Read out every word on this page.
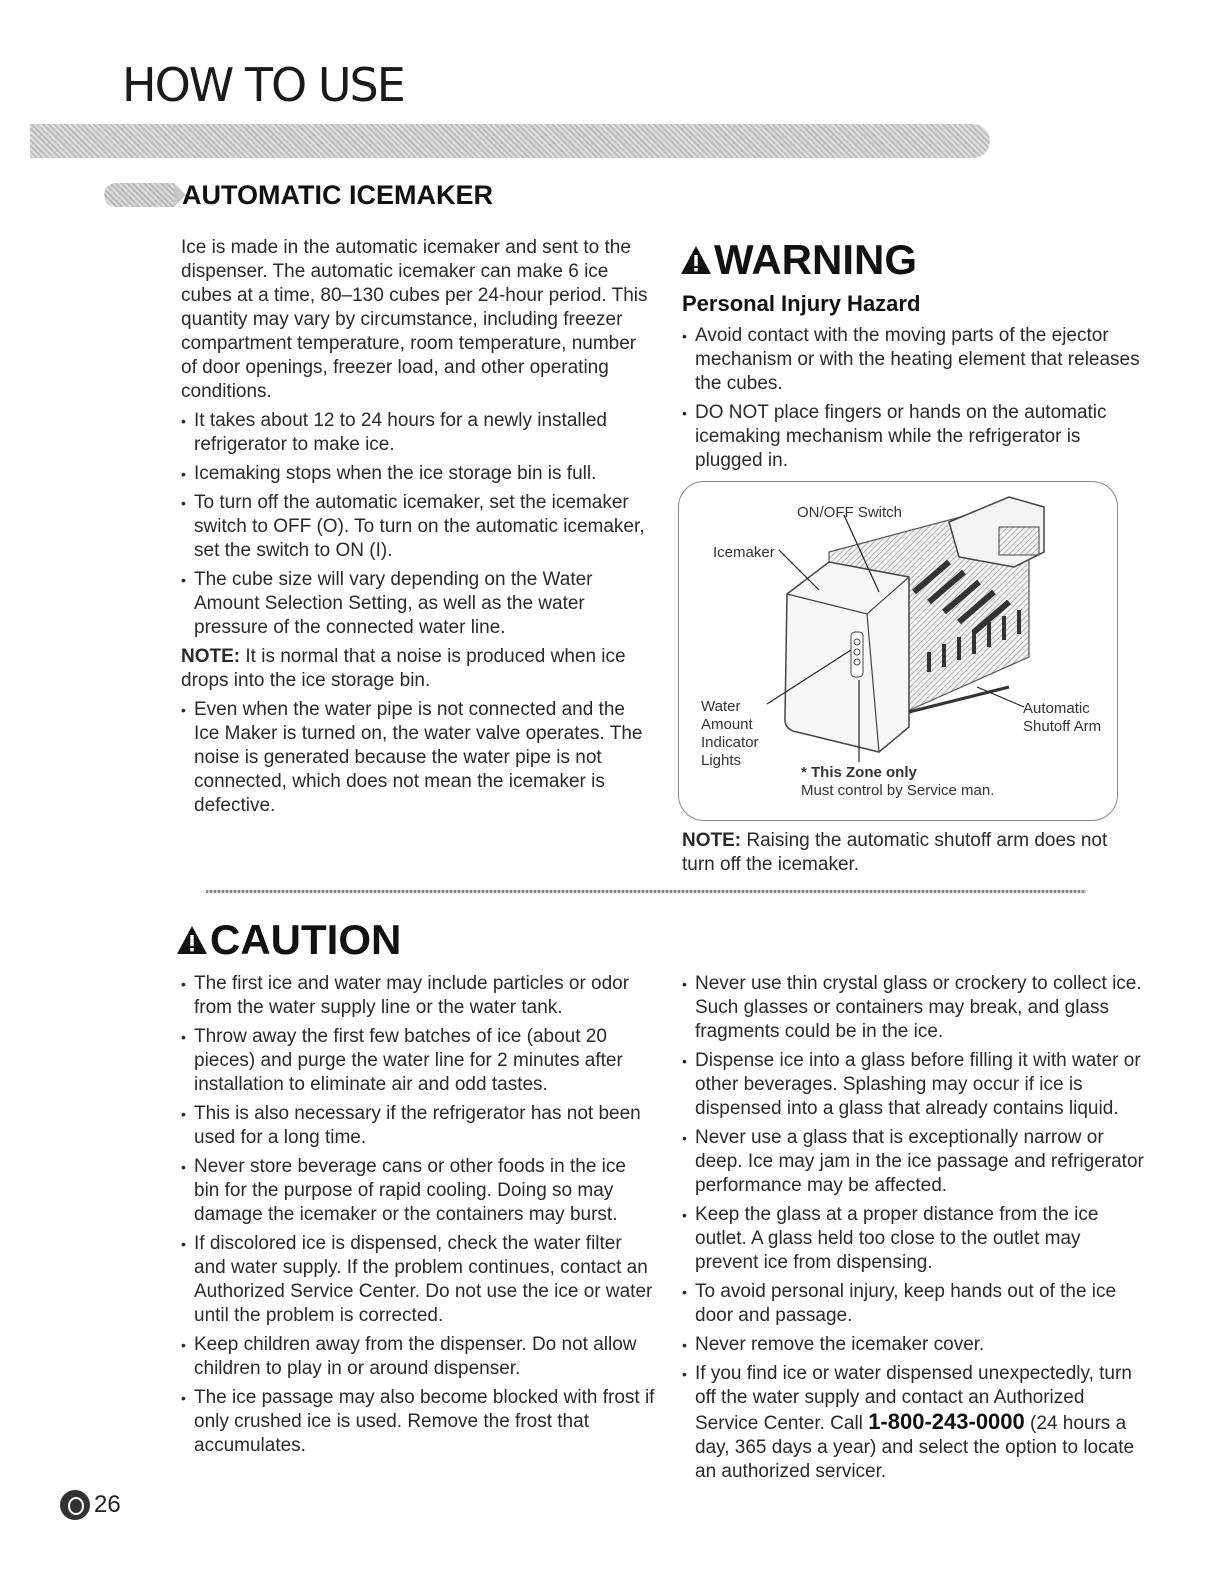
HOW TO USE
AUTOMATIC ICEMAKER

Ice is made in the automatic icemaker and sent to the dispenser. The automatic icemaker can make 6 ice cubes at a time, 80–130 cubes per 24-hour period. This quantity may vary by circumstance, including freezer compartment temperature, room temperature, number of door openings, freezer load, and other operating conditions.

• It takes about 12 to 24 hours for a newly installed refrigerator to make ice.
• Icemaking stops when the ice storage bin is full.
• To turn off the automatic icemaker, set the icemaker switch to OFF (O). To turn on the automatic icemaker, set the switch to ON (I).
• The cube size will vary depending on the Water Amount Selection Setting, as well as the water pressure of the connected water line.

NOTE: It is normal that a noise is produced when ice drops into the ice storage bin.

• Even when the water pipe is not connected and the Ice Maker is turned on, the water valve operates. The noise is generated because the water pipe is not connected, which does not mean the icemaker is defective.
WARNING
Personal Injury Hazard
• Avoid contact with the moving parts of the ejector mechanism or with the heating element that releases the cubes.
• DO NOT place fingers or hands on the automatic icemaking mechanism while the refrigerator is plugged in.
ON/OFF Switch
Icemaker
Water
Amount
Indicator
Lights
Automatic
Shutoff Arm
* This Zone only
Must control by Service man.
NOTE: Raising the automatic shutoff arm does not turn off the icemaker.
CAUTION
• The first ice and water may include particles or odor from the water supply line or the water tank.
• Throw away the first few batches of ice (about 20 pieces) and purge the water line for 2 minutes after installation to eliminate air and odd tastes.
• This is also necessary if the refrigerator has not been used for a long time.
• Never store beverage cans or other foods in the ice bin for the purpose of rapid cooling. Doing so may damage the icemaker or the containers may burst.
• If discolored ice is dispensed, check the water filter and water supply. If the problem continues, contact an Authorized Service Center. Do not use the ice or water until the problem is corrected.
• Keep children away from the dispenser. Do not allow children to play in or around dispenser.
• The ice passage may also become blocked with frost if only crushed ice is used. Remove the frost that accumulates.
• Never use thin crystal glass or crockery to collect ice. Such glasses or containers may break, and glass fragments could be in the ice.
• Dispense ice into a glass before filling it with water or other beverages. Splashing may occur if ice is dispensed into a glass that already contains liquid.
• Never use a glass that is exceptionally narrow or deep. Ice may jam in the ice passage and refrigerator performance may be affected.
• Keep the glass at a proper distance from the ice outlet. A glass held too close to the outlet may prevent ice from dispensing.
• To avoid personal injury, keep hands out of the ice door and passage.
• Never remove the icemaker cover.
• If you find ice or water dispensed unexpectedly, turn off the water supply and contact an Authorized Service Center. Call 1-800-243-0000 (24 hours a day, 365 days a year) and select the option to locate an authorized servicer.
26
